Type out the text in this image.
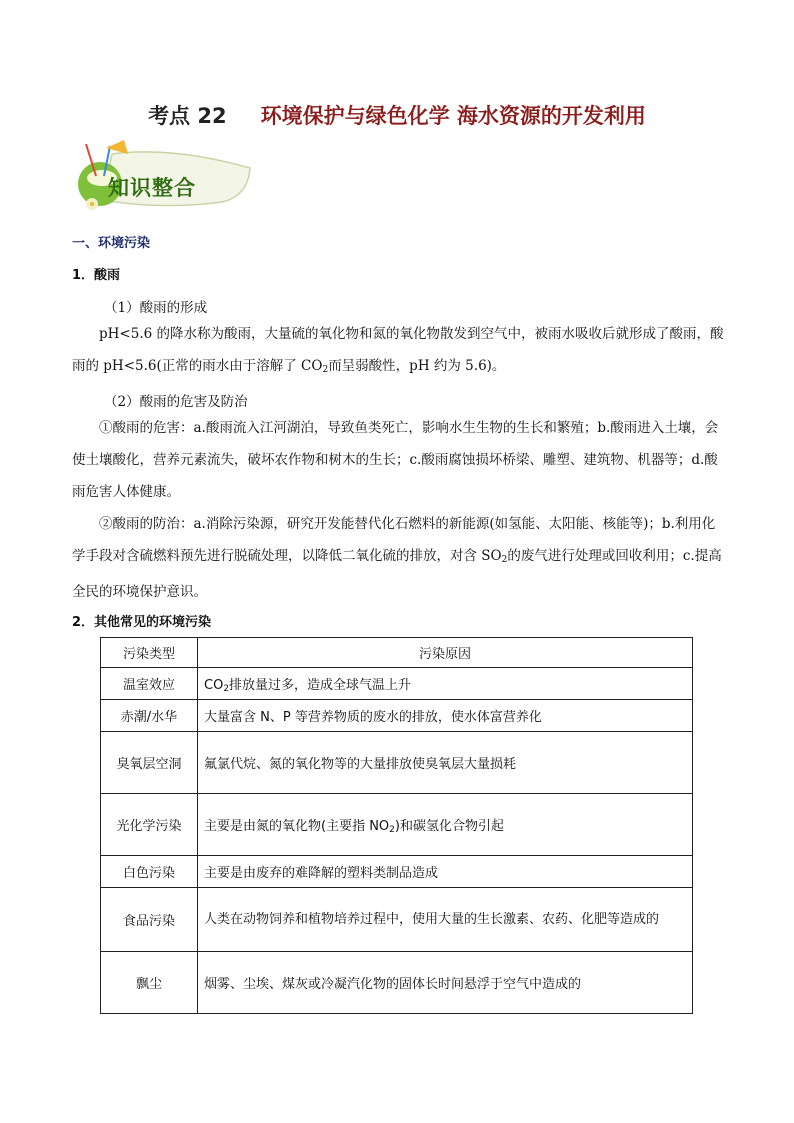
考点 22 环境保护与绿色化学 海水资源的开发利用
知识整合
一、环境污染
1．酸雨
（1）酸雨的形成

pH<5.6 的降水称为酸雨，大量硫的氧化物和氮的氧化物散发到空气中，被雨水吸收后就形成了酸雨，酸雨的 pH<5.6(正常的雨水由于溶解了 $CO_2$而呈弱酸性，pH 约为 5.6)。

（2）酸雨的危害及防治

①酸雨的危害：a.酸雨流入江河湖泊，导致鱼类死亡，影响水生生物的生长和繁殖；b.酸雨进入土壤，会使土壤酸化，营养元素流失，破坏农作物和树木的生长；c.酸雨腐蚀损坏桥梁、雕塑、建筑物、机器等；d.酸雨危害人体健康。

②酸雨的防治：a.消除污染源，研究开发能替代化石燃料的新能源(如氢能、太阳能、核能等)；b.利用化学手段对含硫燃料预先进行脱硫处理，以降低二氧化硫的排放，对含 $SO_2$的废气进行处理或回收利用；c.提高全民的环境保护意识。

2．其他常见的环境污染
污染类型	污染原因
温室效应	$CO_2$排放量过多，造成全球气温上升
赤潮/水华	大量富含 N、P 等营养物质的废水的排放，使水体富营养化
臭氧层空洞	氟氯代烷、氮的氧化物等的大量排放使臭氧层大量损耗
光化学污染	主要是由氮的氧化物(主要指 $NO_2$)和碳氢化合物引起
白色污染	主要是由废弃的难降解的塑料类制品造成
食品污染	人类在动物饲养和植物培养过程中，使用大量的生长激素、农药、化肥等造成的
飘尘	烟雾、尘埃、煤灰或冷凝汽化物的固体长时间悬浮于空气中造成的
